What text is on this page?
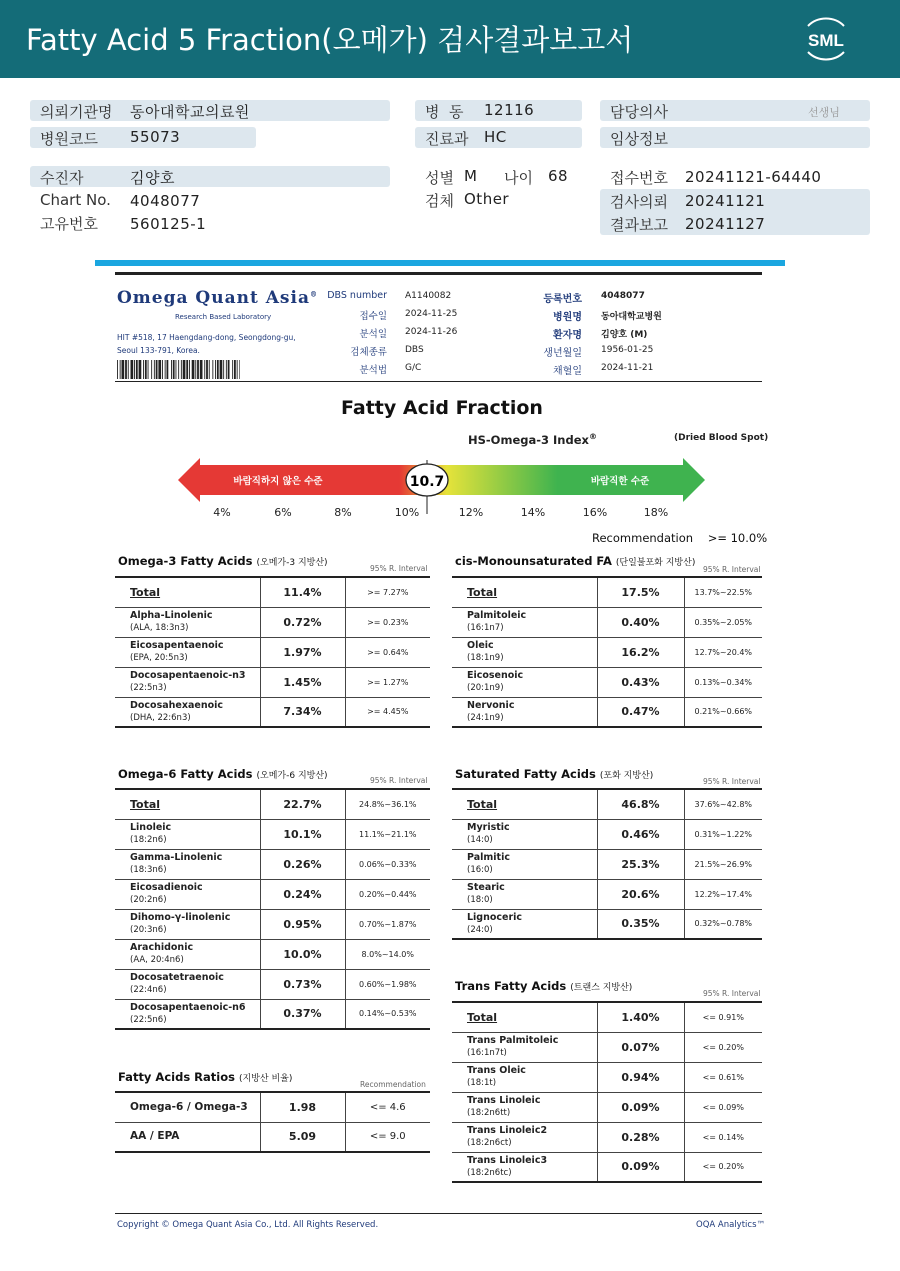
Fatty Acid 5 Fraction(오메가) 검사결과보고서	SML
의뢰기관명 동아대학교의료원
병원코드 55073
병  동 12116
진료과 HC
담당의사	선생님
임상정보
수진자	김양호
Chart No. 4048077
고유번호 560125-1
성별 M 나이 68
검체 Other
접수번호 20241121-64440
검사의뢰 20241121
결과보고 20241127
Omega Quant Asia®
Research Based Laboratory
HIT #518, 17 Haengdang-dong, Seongdong-gu,
Seoul 133-791, Korea.
DBS number A1140082
접수일 2024-11-25
분석일 2024-11-26
검체종류 DBS
분석법 G/C
등록번호 4048077
병원명 동아대학교병원
환자명 김양호 (M)
생년월일 1956-01-25
채혈일 2024-11-21
Fatty Acid Fraction
HS-Omega-3 Index®	(Dried Blood Spot)
바람직하지 않은 수준	바람직한 수준
10.7
4%	6%	8%	10%	12%	14%	16%	18%
Recommendation >= 10.0%
Omega-3 Fatty Acids (오메가-3 지방산)
95% R. Interval
cis-Monounsaturated FA (단일불포화 지방산)
95% R. Interval
Omega-6 Fatty Acids (오메가-6 지방산)	95% R. Interval Saturated Fatty Acids (포화 지방산)
95% R. Interval
Trans Fatty Acids (트랜스 지방산)
95% R. Interval
Fatty Acids Ratios (지방산 비율)
Recommendation
Total	11.4%	>= 7.27%

Alpha-Linolenic
(ALA, 18:3n3)	0.72%	>= 0.23%

Eicosapentaenoic
(EPA, 20:5n3)	1.97%	>= 0.64%

Docosapentaenoic-n3
(22:5n3)	1.45%	>= 1.27%

Docosahexaenoic
(DHA, 22:6n3)	7.34%	>= 4.45%
Total	17.5%	13.7%~22.5%

Palmitoleic
(16:1n7)	0.40%	0.35%~2.05%

Oleic
(18:1n9)	16.2%	12.7%~20.4%

Eicosenoic
(20:1n9)	0.43%	0.13%~0.34%

Nervonic
(24:1n9)	0.47%	0.21%~0.66%
Total	22.7%	24.8%~36.1%

Linoleic
(18:2n6)	10.1%	11.1%~21.1%

Gamma-Linolenic
(18:3n6)	0.26%	0.06%~0.33%

Eicosadienoic
(20:2n6)	0.24%	0.20%~0.44%

Dihomo-γ-linolenic
(20:3n6)	0.95%	0.70%~1.87%

Arachidonic
(AA, 20:4n6)	10.0%	8.0%~14.0%

Docosatetraenoic
(22:4n6)	0.73%	0.60%~1.98%

Docosapentaenoic-n6
(22:5n6)	0.37%	0.14%~0.53%
Total	46.8%	37.6%~42.8%

Myristic
(14:0)	0.46%	0.31%~1.22%

Palmitic
(16:0)	25.3%	21.5%~26.9%

Stearic
(18:0)	20.6%	12.2%~17.4%

Lignoceric
(24:0)	0.35%	0.32%~0.78%
Total	1.40%	<= 0.91%

Trans Palmitoleic
(16:1n7t)	0.07%	<= 0.20%

Trans Oleic
(18:1t)	0.94%	<= 0.61%

Trans Linoleic
(18:2n6tt)	0.09%	<= 0.09%

Trans Linoleic2
(18:2n6ct)	0.28%	<= 0.14%

Trans Linoleic3
(18:2n6tc)	0.09%	<= 0.20%
Omega-6 / Omega-3	1.98	<= 4.6

AA / EPA	5.09	<= 9.0
Copyright © Omega Quant Asia Co., Ltd. All Rights Reserved.	OQA Analytics™
